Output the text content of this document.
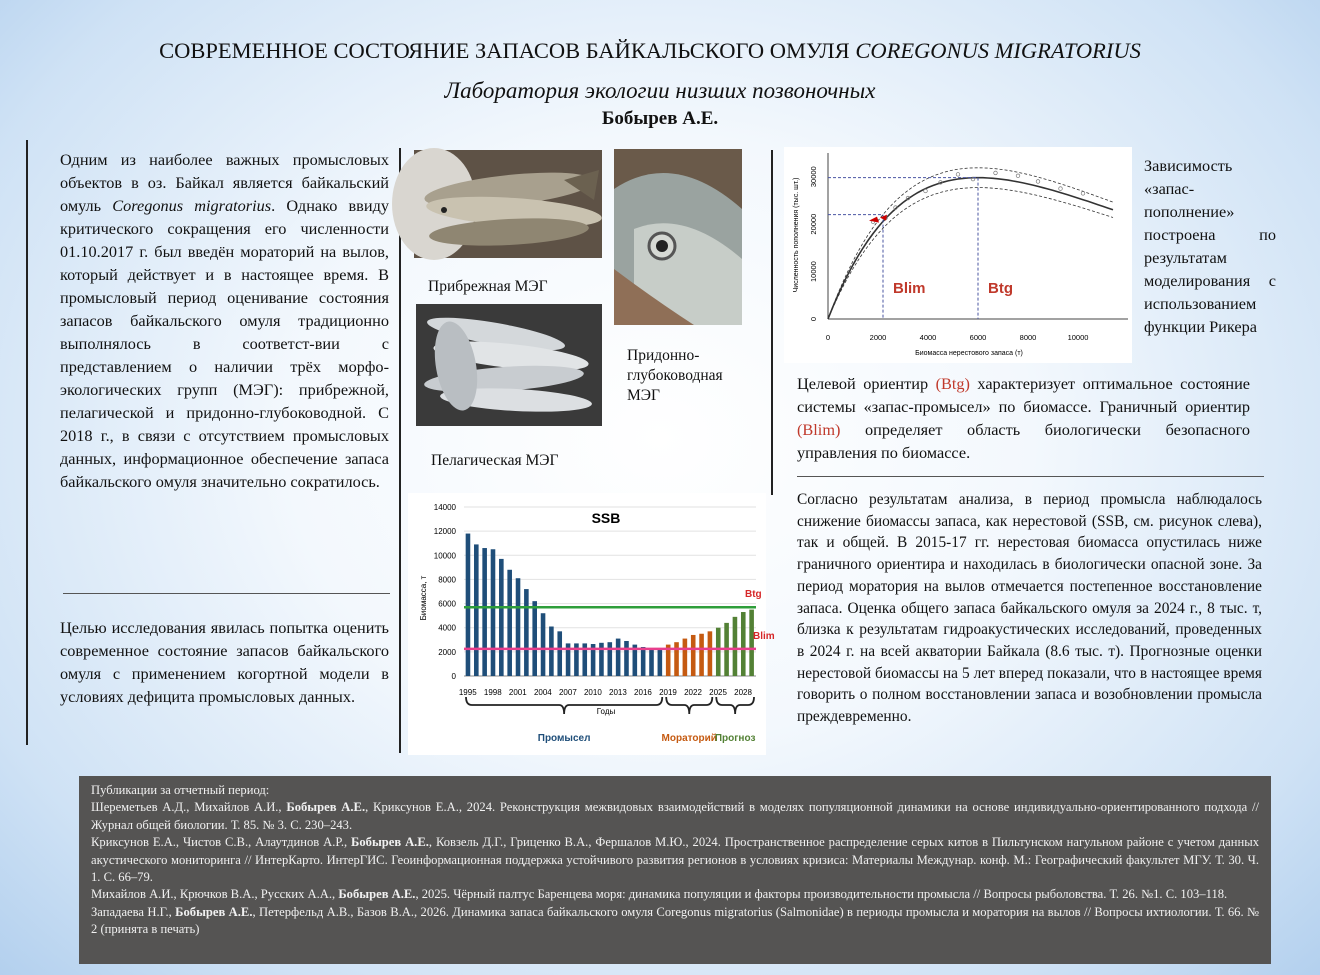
СОВРЕМЕННОЕ СОСТОЯНИЕ ЗАПАСОВ БАЙКАЛЬСКОГО ОМУЛЯ COREGONUS MIGRATORIUS
Лаборатория экологии низших позвоночных
Бобырев А.Е.
Одним из наиболее важных промысловых объектов в оз. Байкал является байкальский омуль Coregonus migratorius. Однако ввиду критического сокращения его численности 01.10.2017 г. был введён мораторий на вылов, который действует и в настоящее время. В промысловый период оценивание состояния запасов байкальского омуля традиционно выполнялось в соответст-вии с представлением о наличии трёх морфо-экологических групп (МЭГ): прибрежной, пелагической и придонно-глубоководной. С 2018 г., в связи с отсутствием промысловых данных, информационное обеспечение запаса байкальского омуля значительно сократилось.
Целью исследования явилась попытка оценить современное состояние запасов байкальского омуля с применением когортной модели в условиях дефицита промысловых данных.
Прибрежная МЭГ
Придонно-глубоководная МЭГ
Пелагическая МЭГ
0
2000
4000
6000
8000
10000
12000
14000
Btg
Blim
1995 1998 2001 2004 2007 2010 2013 2016 2019 2022 2025 2028
SSB
Биомасса, т
Годы
Промысел	Мораторий
Прогноз
0	2000	4000	6000	8000	10000
0
10000
20000
30000
Blim	Btg
Численность пополнения (тыс. шт.)
Биомасса нерестового запаса (т)
Зависимость «запас-пополнение» построена по результатам моделирования с использованием функции Рикера
Целевой ориентир (Btg) характеризует оптимальное состояние системы «запас-промысел» по биомассе. Граничный ориентир (Blim) определяет область биологически безопасного управления по биомассе.
Согласно результатам анализа, в период промысла наблюдалось снижение биомассы запаса, как нерестовой (SSB, см. рисунок слева), так и общей. В 2015-17 гг. нерестовая биомасса опустилась ниже граничного ориентира и находилась в биологически опасной зоне. За период моратория на вылов отмечается постепенное восстановление запаса. Оценка общего запаса байкальского омуля за 2024 г., 8 тыс. т, близка к результатам гидроакустических исследований, проведенных в 2024 г. на всей акватории Байкала (8.6 тыс. т). Прогнозные оценки нерестовой биомассы на 5 лет вперед показали, что в настоящее время говорить о полном восстановлении запаса и возобновлении промысла преждевременно.

Публикации за отчетный период:

Шереметьев А.Д., Михайлов А.И., Бобырев А.Е., Криксунов Е.А., 2024. Реконструкция межвидовых взаимодействий в моделях популяционной динамики на основе индивидуально-ориентированного подхода // Журнал общей биологии. Т. 85. № 3. С. 230–243.

Криксунов Е.А., Чистов С.В., Алаутдинов А.Р., Бобырев А.Е., Ковзель Д.Г., Гриценко В.А., Фершалов М.Ю., 2024. Пространственное распределение серых китов в Пильтунском нагульном районе с учетом данных акустического мониторинга // ИнтерКарто. ИнтерГИС. Геоинформационная поддержка устойчивого развития регионов в условиях кризиса: Материалы Междунар. конф. М.: Географический факультет МГУ. Т. 30. Ч. 1. С. 66–79.

Михайлов А.И., Крючков В.А., Русских А.А., Бобырев А.Е., 2025. Чёрный палтус Баренцева моря: динамика популяции и факторы производительности промысла // Вопросы рыболовства. Т. 26. №1. С. 103–118.

Западаева Н.Г., Бобырев А.Е., Петерфельд А.В., Базов В.А., 2026. Динамика запаса байкальского омуля Coregonus migratorius (Salmonidae) в периоды промысла и моратория на вылов // Вопросы ихтиологии. Т. 66. № 2 (принята в печать)
